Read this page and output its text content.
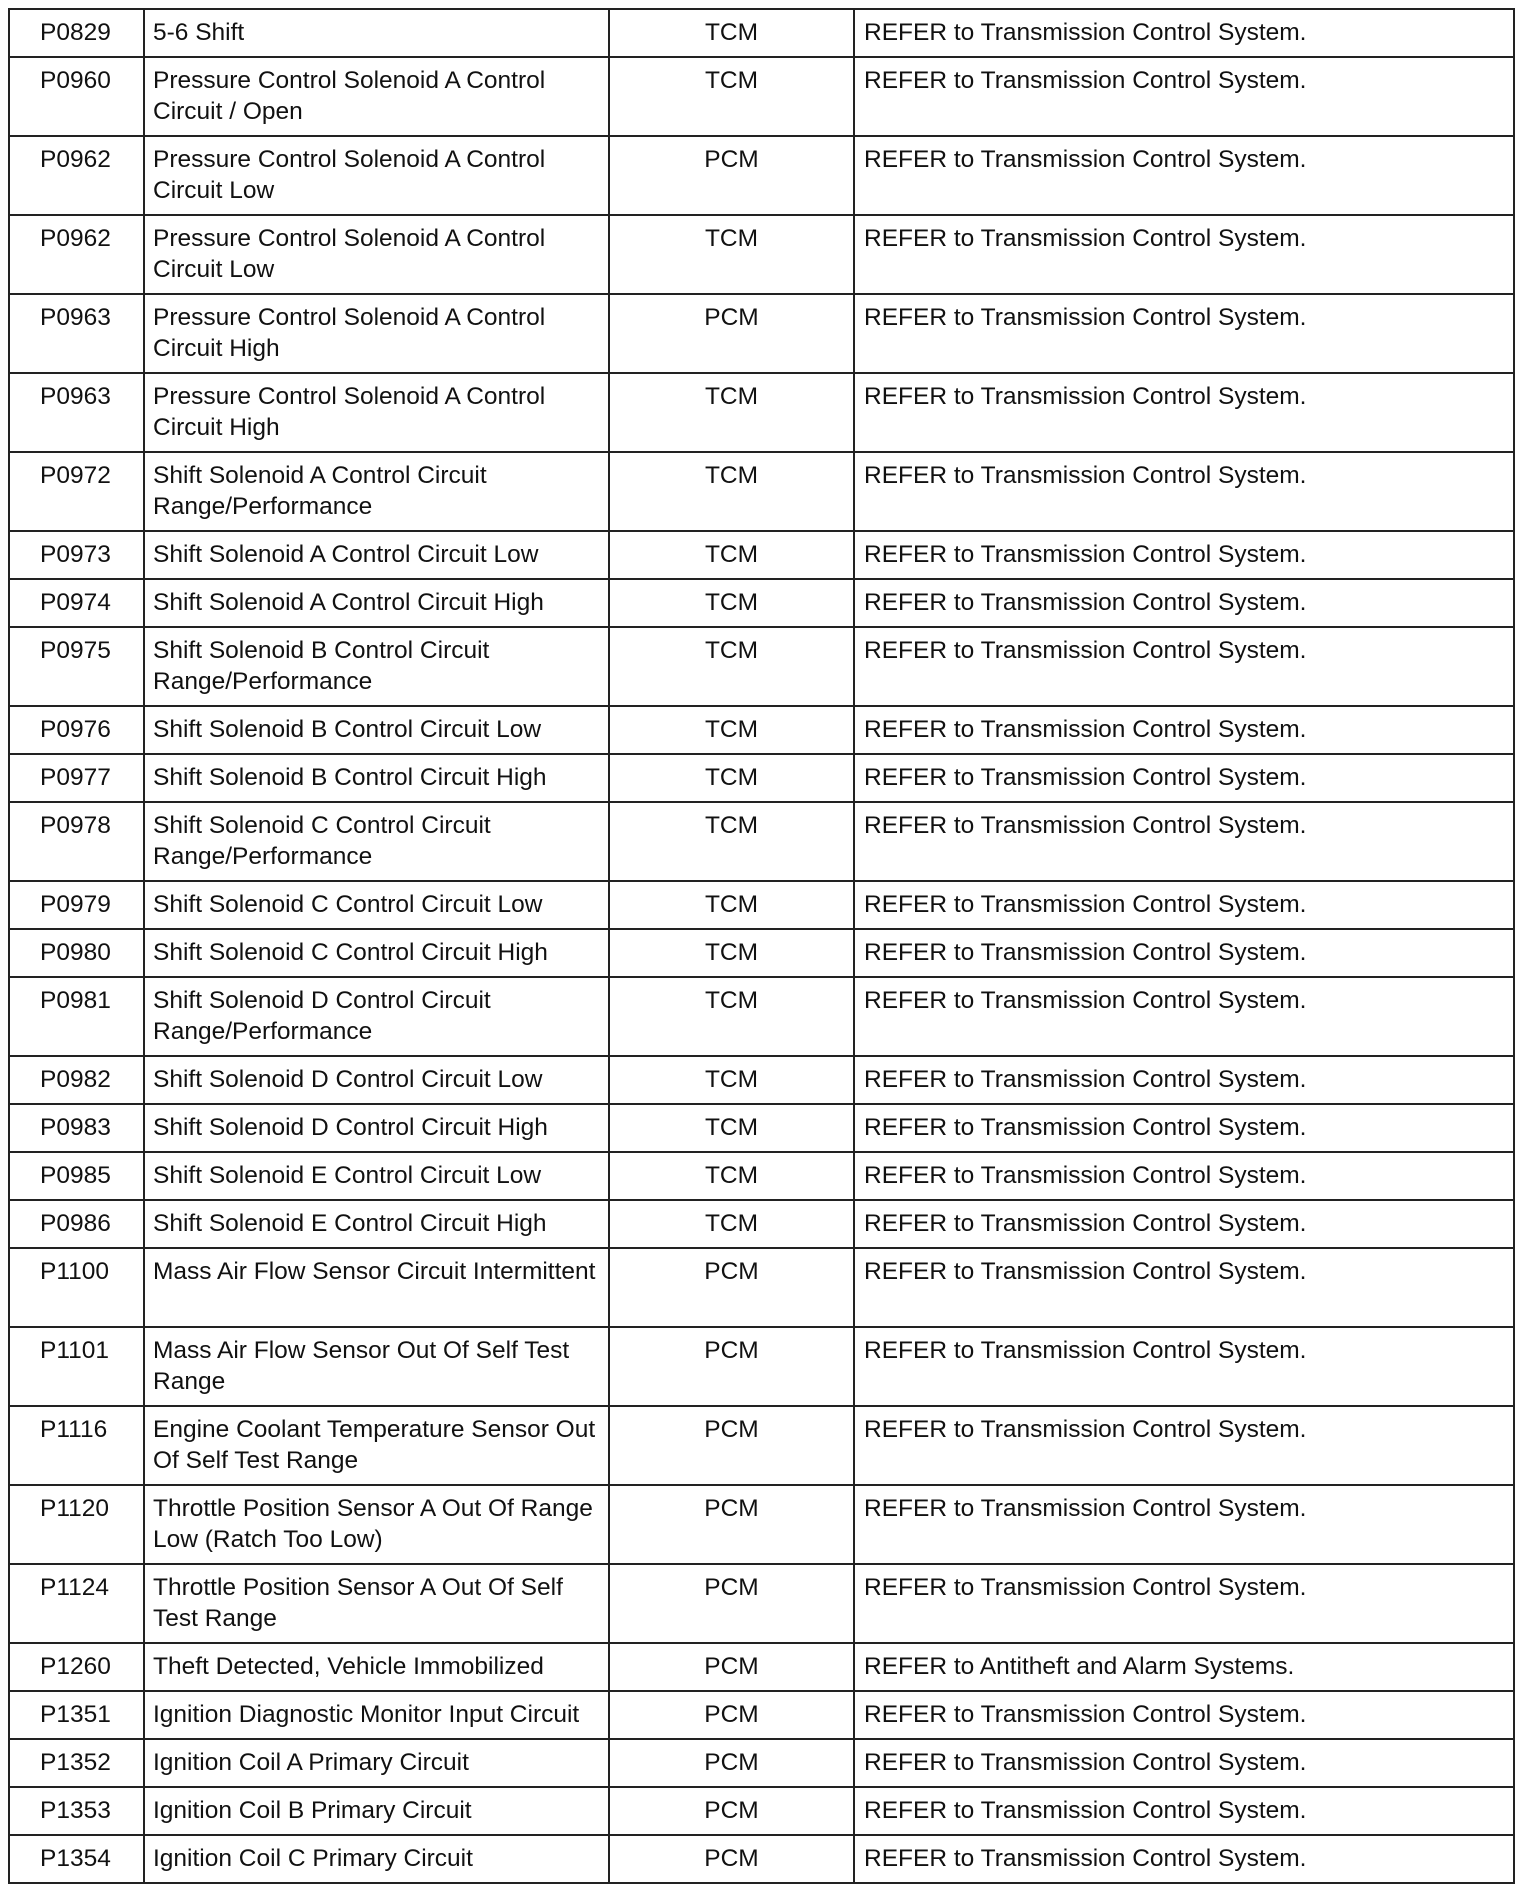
P0829	5-6 Shift	TCM	REFER to Transmission Control System.
P0960	Pressure Control Solenoid A Control Circuit / Open	TCM	REFER to Transmission Control System.
P0962	Pressure Control Solenoid A Control Circuit Low	PCM	REFER to Transmission Control System.
P0962	Pressure Control Solenoid A Control Circuit Low	TCM	REFER to Transmission Control System.
P0963	Pressure Control Solenoid A Control Circuit High	PCM	REFER to Transmission Control System.
P0963	Pressure Control Solenoid A Control Circuit High	TCM	REFER to Transmission Control System.
P0972	Shift Solenoid A Control Circuit Range/Performance	TCM	REFER to Transmission Control System.
P0973	Shift Solenoid A Control Circuit Low	TCM	REFER to Transmission Control System.
P0974	Shift Solenoid A Control Circuit High	TCM	REFER to Transmission Control System.
P0975	Shift Solenoid B Control Circuit Range/Performance	TCM	REFER to Transmission Control System.
P0976	Shift Solenoid B Control Circuit Low	TCM	REFER to Transmission Control System.
P0977	Shift Solenoid B Control Circuit High	TCM	REFER to Transmission Control System.
P0978	Shift Solenoid C Control Circuit Range/Performance	TCM	REFER to Transmission Control System.
P0979	Shift Solenoid C Control Circuit Low	TCM	REFER to Transmission Control System.
P0980	Shift Solenoid C Control Circuit High	TCM	REFER to Transmission Control System.
P0981	Shift Solenoid D Control Circuit Range/Performance	TCM	REFER to Transmission Control System.
P0982	Shift Solenoid D Control Circuit Low	TCM	REFER to Transmission Control System.
P0983	Shift Solenoid D Control Circuit High	TCM	REFER to Transmission Control System.
P0985	Shift Solenoid E Control Circuit Low	TCM	REFER to Transmission Control System.
P0986	Shift Solenoid E Control Circuit High	TCM	REFER to Transmission Control System.
P1100	Mass Air Flow Sensor Circuit Intermittent	PCM	REFER to Transmission Control System.
P1101	Mass Air Flow Sensor Out Of Self Test Range	PCM	REFER to Transmission Control System.
P1116	Engine Coolant Temperature Sensor Out Of Self Test Range	PCM	REFER to Transmission Control System.
P1120	Throttle Position Sensor A Out Of Range Low (Ratch Too Low)	PCM	REFER to Transmission Control System.
P1124	Throttle Position Sensor A Out Of Self Test Range	PCM	REFER to Transmission Control System.
P1260	Theft Detected, Vehicle Immobilized	PCM	REFER to Antitheft and Alarm Systems.
P1351	Ignition Diagnostic Monitor Input Circuit	PCM	REFER to Transmission Control System.
P1352	Ignition Coil A Primary Circuit	PCM	REFER to Transmission Control System.
P1353	Ignition Coil B Primary Circuit	PCM	REFER to Transmission Control System.
P1354	Ignition Coil C Primary Circuit	PCM	REFER to Transmission Control System.
